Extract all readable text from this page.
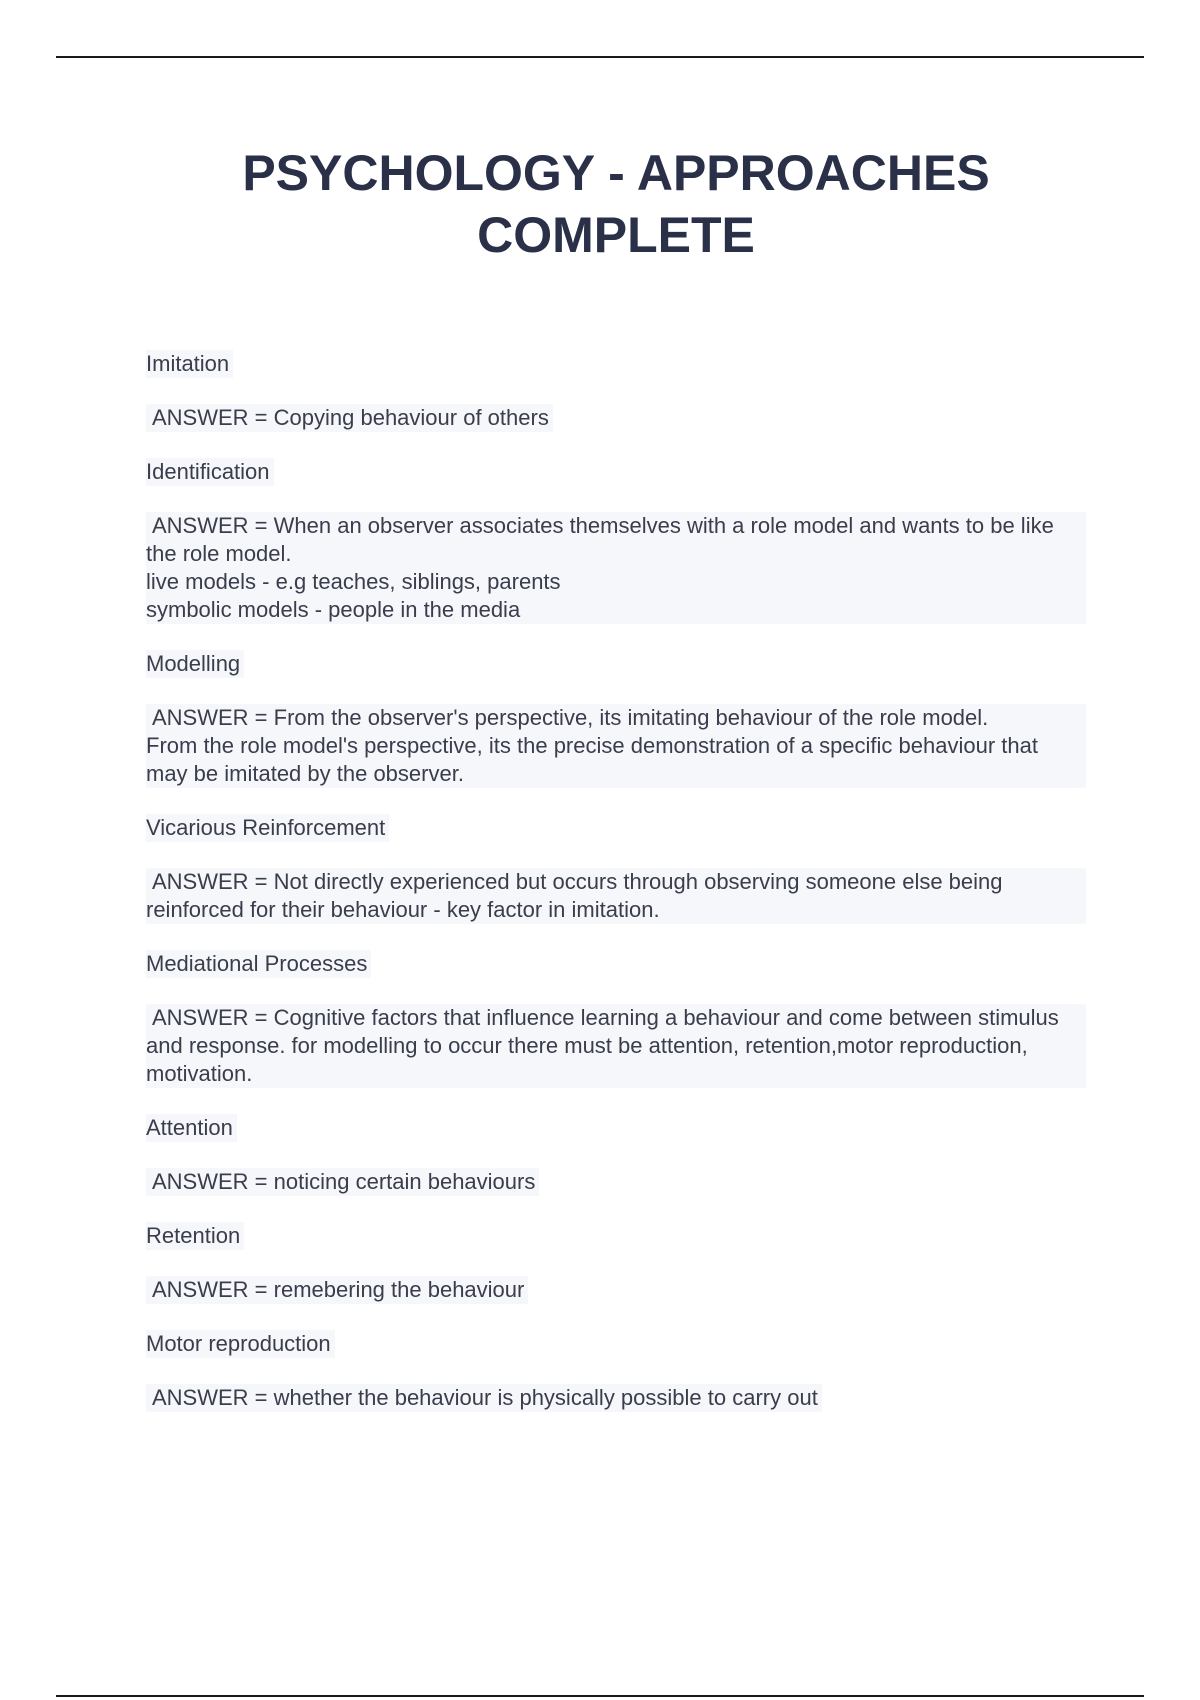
PSYCHOLOGY - APPROACHES
COMPLETE
Imitation
ANSWER = Copying behaviour of others
Identification
ANSWER = When an observer associates themselves with a role model and wants to be like the role model.
live models - e.g teaches, siblings, parents
symbolic models - people in the media
Modelling
ANSWER = From the observer's perspective, its imitating behaviour of the role model.
From the role model's perspective, its the precise demonstration of a specific behaviour that may be imitated by the observer.
Vicarious Reinforcement
ANSWER = Not directly experienced but occurs through observing someone else being reinforced for their behaviour - key factor in imitation.
Mediational Processes
ANSWER = Cognitive factors that influence learning a behaviour and come between stimulus and response. for modelling to occur there must be attention, retention,motor reproduction, motivation.
Attention
ANSWER = noticing certain behaviours
Retention
ANSWER = remebering the behaviour
Motor reproduction
ANSWER = whether the behaviour is physically possible to carry out
